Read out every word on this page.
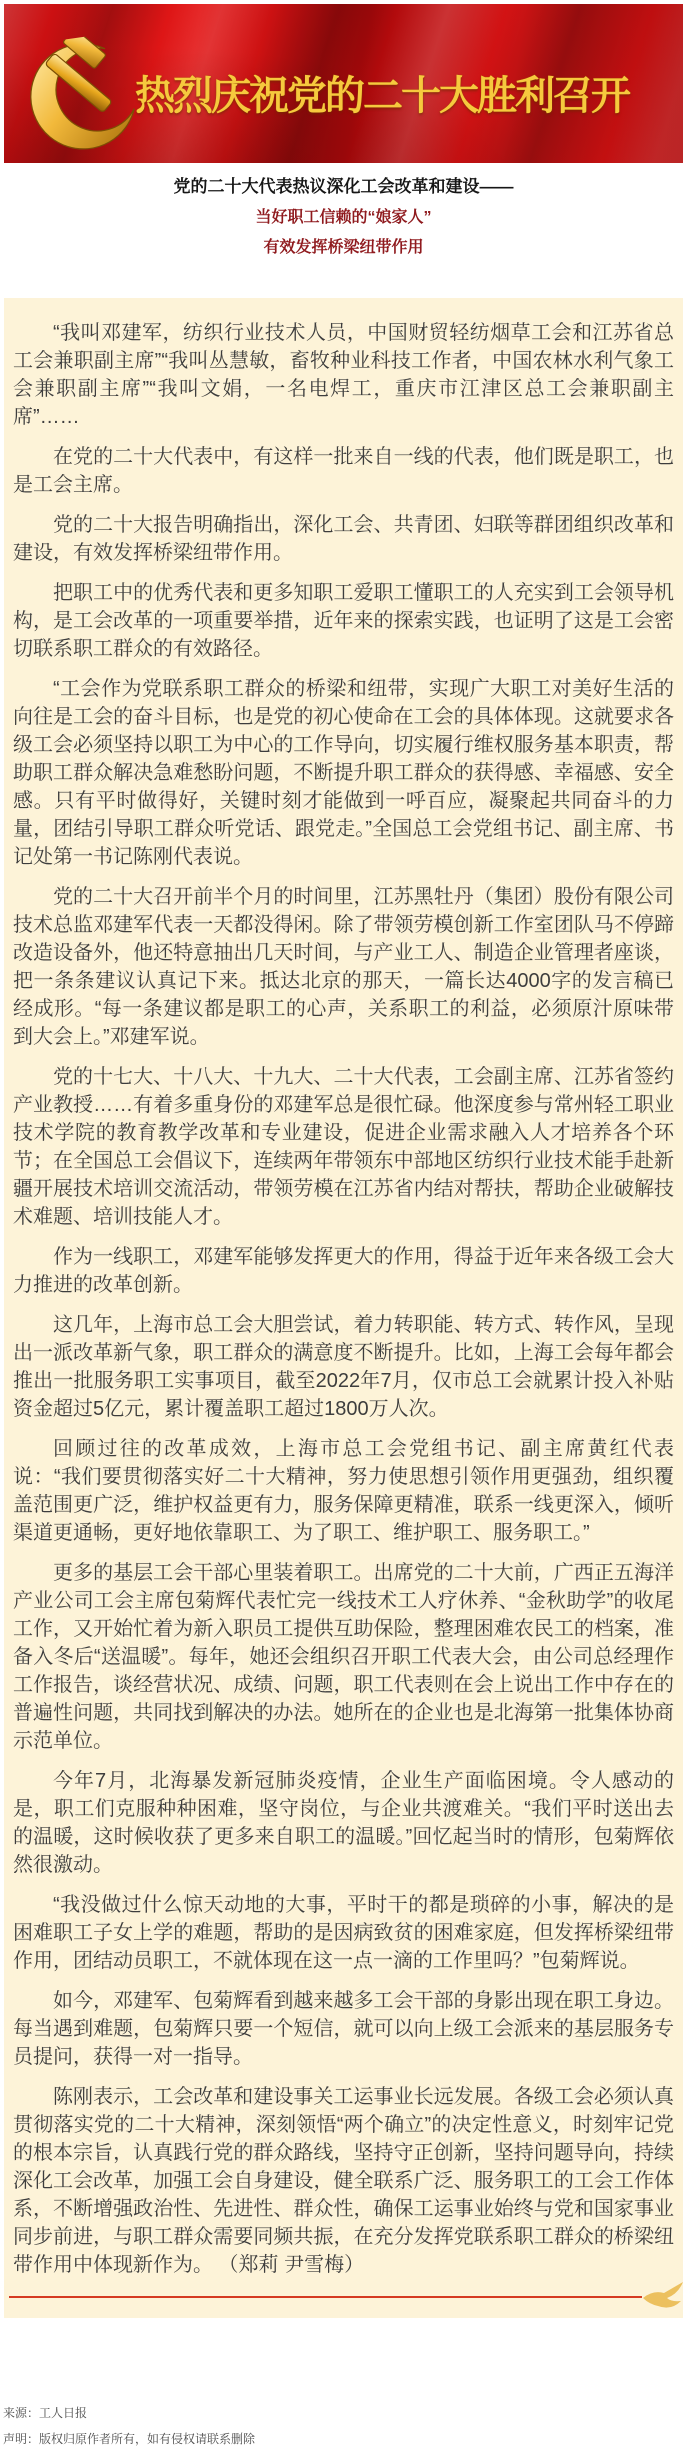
热烈庆祝党的二十大胜利召开

党的二十大代表热议深化工会改革和建设——

当好职工信赖的“娘家人”

有效发挥桥梁纽带作用

“我叫邓建军，纺织行业技术人员，中国财贸轻纺烟草工会和江苏省总工会兼职副主席”“我叫丛慧敏，畜牧种业科技工作者，中国农林水利气象工会兼职副主席”“我叫文娟，一名电焊工，重庆市江津区总工会兼职副主席”……

在党的二十大代表中，有这样一批来自一线的代表，他们既是职工，也是工会主席。

党的二十大报告明确指出，深化工会、共青团、妇联等群团组织改革和建设，有效发挥桥梁纽带作用。

把职工中的优秀代表和更多知职工爱职工懂职工的人充实到工会领导机构，是工会改革的一项重要举措，近年来的探索实践，也证明了这是工会密切联系职工群众的有效路径。

“工会作为党联系职工群众的桥梁和纽带，实现广大职工对美好生活的向往是工会的奋斗目标，也是党的初心使命在工会的具体体现。这就要求各级工会必须坚持以职工为中心的工作导向，切实履行维权服务基本职责，帮助职工群众解决急难愁盼问题，不断提升职工群众的获得感、幸福感、安全感。只有平时做得好，关键时刻才能做到一呼百应，凝聚起共同奋斗的力量，团结引导职工群众听党话、跟党走。”全国总工会党组书记、副主席、书记处第一书记陈刚代表说。

党的二十大召开前半个月的时间里，江苏黑牡丹（集团）股份有限公司技术总监邓建军代表一天都没得闲。除了带领劳模创新工作室团队马不停蹄改造设备外，他还特意抽出几天时间，与产业工人、制造企业管理者座谈，把一条条建议认真记下来。抵达北京的那天，一篇长达4000字的发言稿已经成形。“每一条建议都是职工的心声，关系职工的利益，必须原汁原味带到大会上。”邓建军说。

党的十七大、十八大、十九大、二十大代表，工会副主席、江苏省签约产业教授……有着多重身份的邓建军总是很忙碌。他深度参与常州轻工职业技术学院的教育教学改革和专业建设，促进企业需求融入人才培养各个环节；在全国总工会倡议下，连续两年带领东中部地区纺织行业技术能手赴新疆开展技术培训交流活动，带领劳模在江苏省内结对帮扶，帮助企业破解技术难题、培训技能人才。

作为一线职工，邓建军能够发挥更大的作用，得益于近年来各级工会大力推进的改革创新。

这几年，上海市总工会大胆尝试，着力转职能、转方式、转作风，呈现出一派改革新气象，职工群众的满意度不断提升。比如，上海工会每年都会推出一批服务职工实事项目，截至2022年7月，仅市总工会就累计投入补贴资金超过5亿元，累计覆盖职工超过1800万人次。

回顾过往的改革成效，上海市总工会党组书记、副主席黄红代表说：“我们要贯彻落实好二十大精神，努力使思想引领作用更强劲，组织覆盖范围更广泛，维护权益更有力，服务保障更精准，联系一线更深入，倾听渠道更通畅，更好地依靠职工、为了职工、维护职工、服务职工。”

更多的基层工会干部心里装着职工。出席党的二十大前，广西正五海洋产业公司工会主席包菊辉代表忙完一线技术工人疗休养、“金秋助学”的收尾工作，又开始忙着为新入职员工提供互助保险，整理困难农民工的档案，准备入冬后“送温暖”。每年，她还会组织召开职工代表大会，由公司总经理作工作报告，谈经营状况、成绩、问题，职工代表则在会上说出工作中存在的普遍性问题，共同找到解决的办法。她所在的企业也是北海第一批集体协商示范单位。

今年7月，北海暴发新冠肺炎疫情，企业生产面临困境。令人感动的是，职工们克服种种困难，坚守岗位，与企业共渡难关。“我们平时送出去的温暖，这时候收获了更多来自职工的温暖。”回忆起当时的情形，包菊辉依然很激动。

“我没做过什么惊天动地的大事，平时干的都是琐碎的小事，解决的是困难职工子女上学的难题，帮助的是因病致贫的困难家庭，但发挥桥梁纽带作用，团结动员职工，不就体现在这一点一滴的工作里吗？”包菊辉说。

如今，邓建军、包菊辉看到越来越多工会干部的身影出现在职工身边。每当遇到难题，包菊辉只要一个短信，就可以向上级工会派来的基层服务专员提问，获得一对一指导。

陈刚表示，工会改革和建设事关工运事业长远发展。各级工会必须认真贯彻落实党的二十大精神，深刻领悟“两个确立”的决定性意义，时刻牢记党的根本宗旨，认真践行党的群众路线，坚持守正创新，坚持问题导向，持续深化工会改革，加强工会自身建设，健全联系广泛、服务职工的工会工作体系，不断增强政治性、先进性、群众性，确保工运事业始终与党和国家事业同步前进，与职工群众需要同频共振，在充分发挥党联系职工群众的桥梁纽带作用中体现新作为。 （郑莉 尹雪梅）

来源：工人日报

声明：版权归原作者所有，如有侵权请联系删除
